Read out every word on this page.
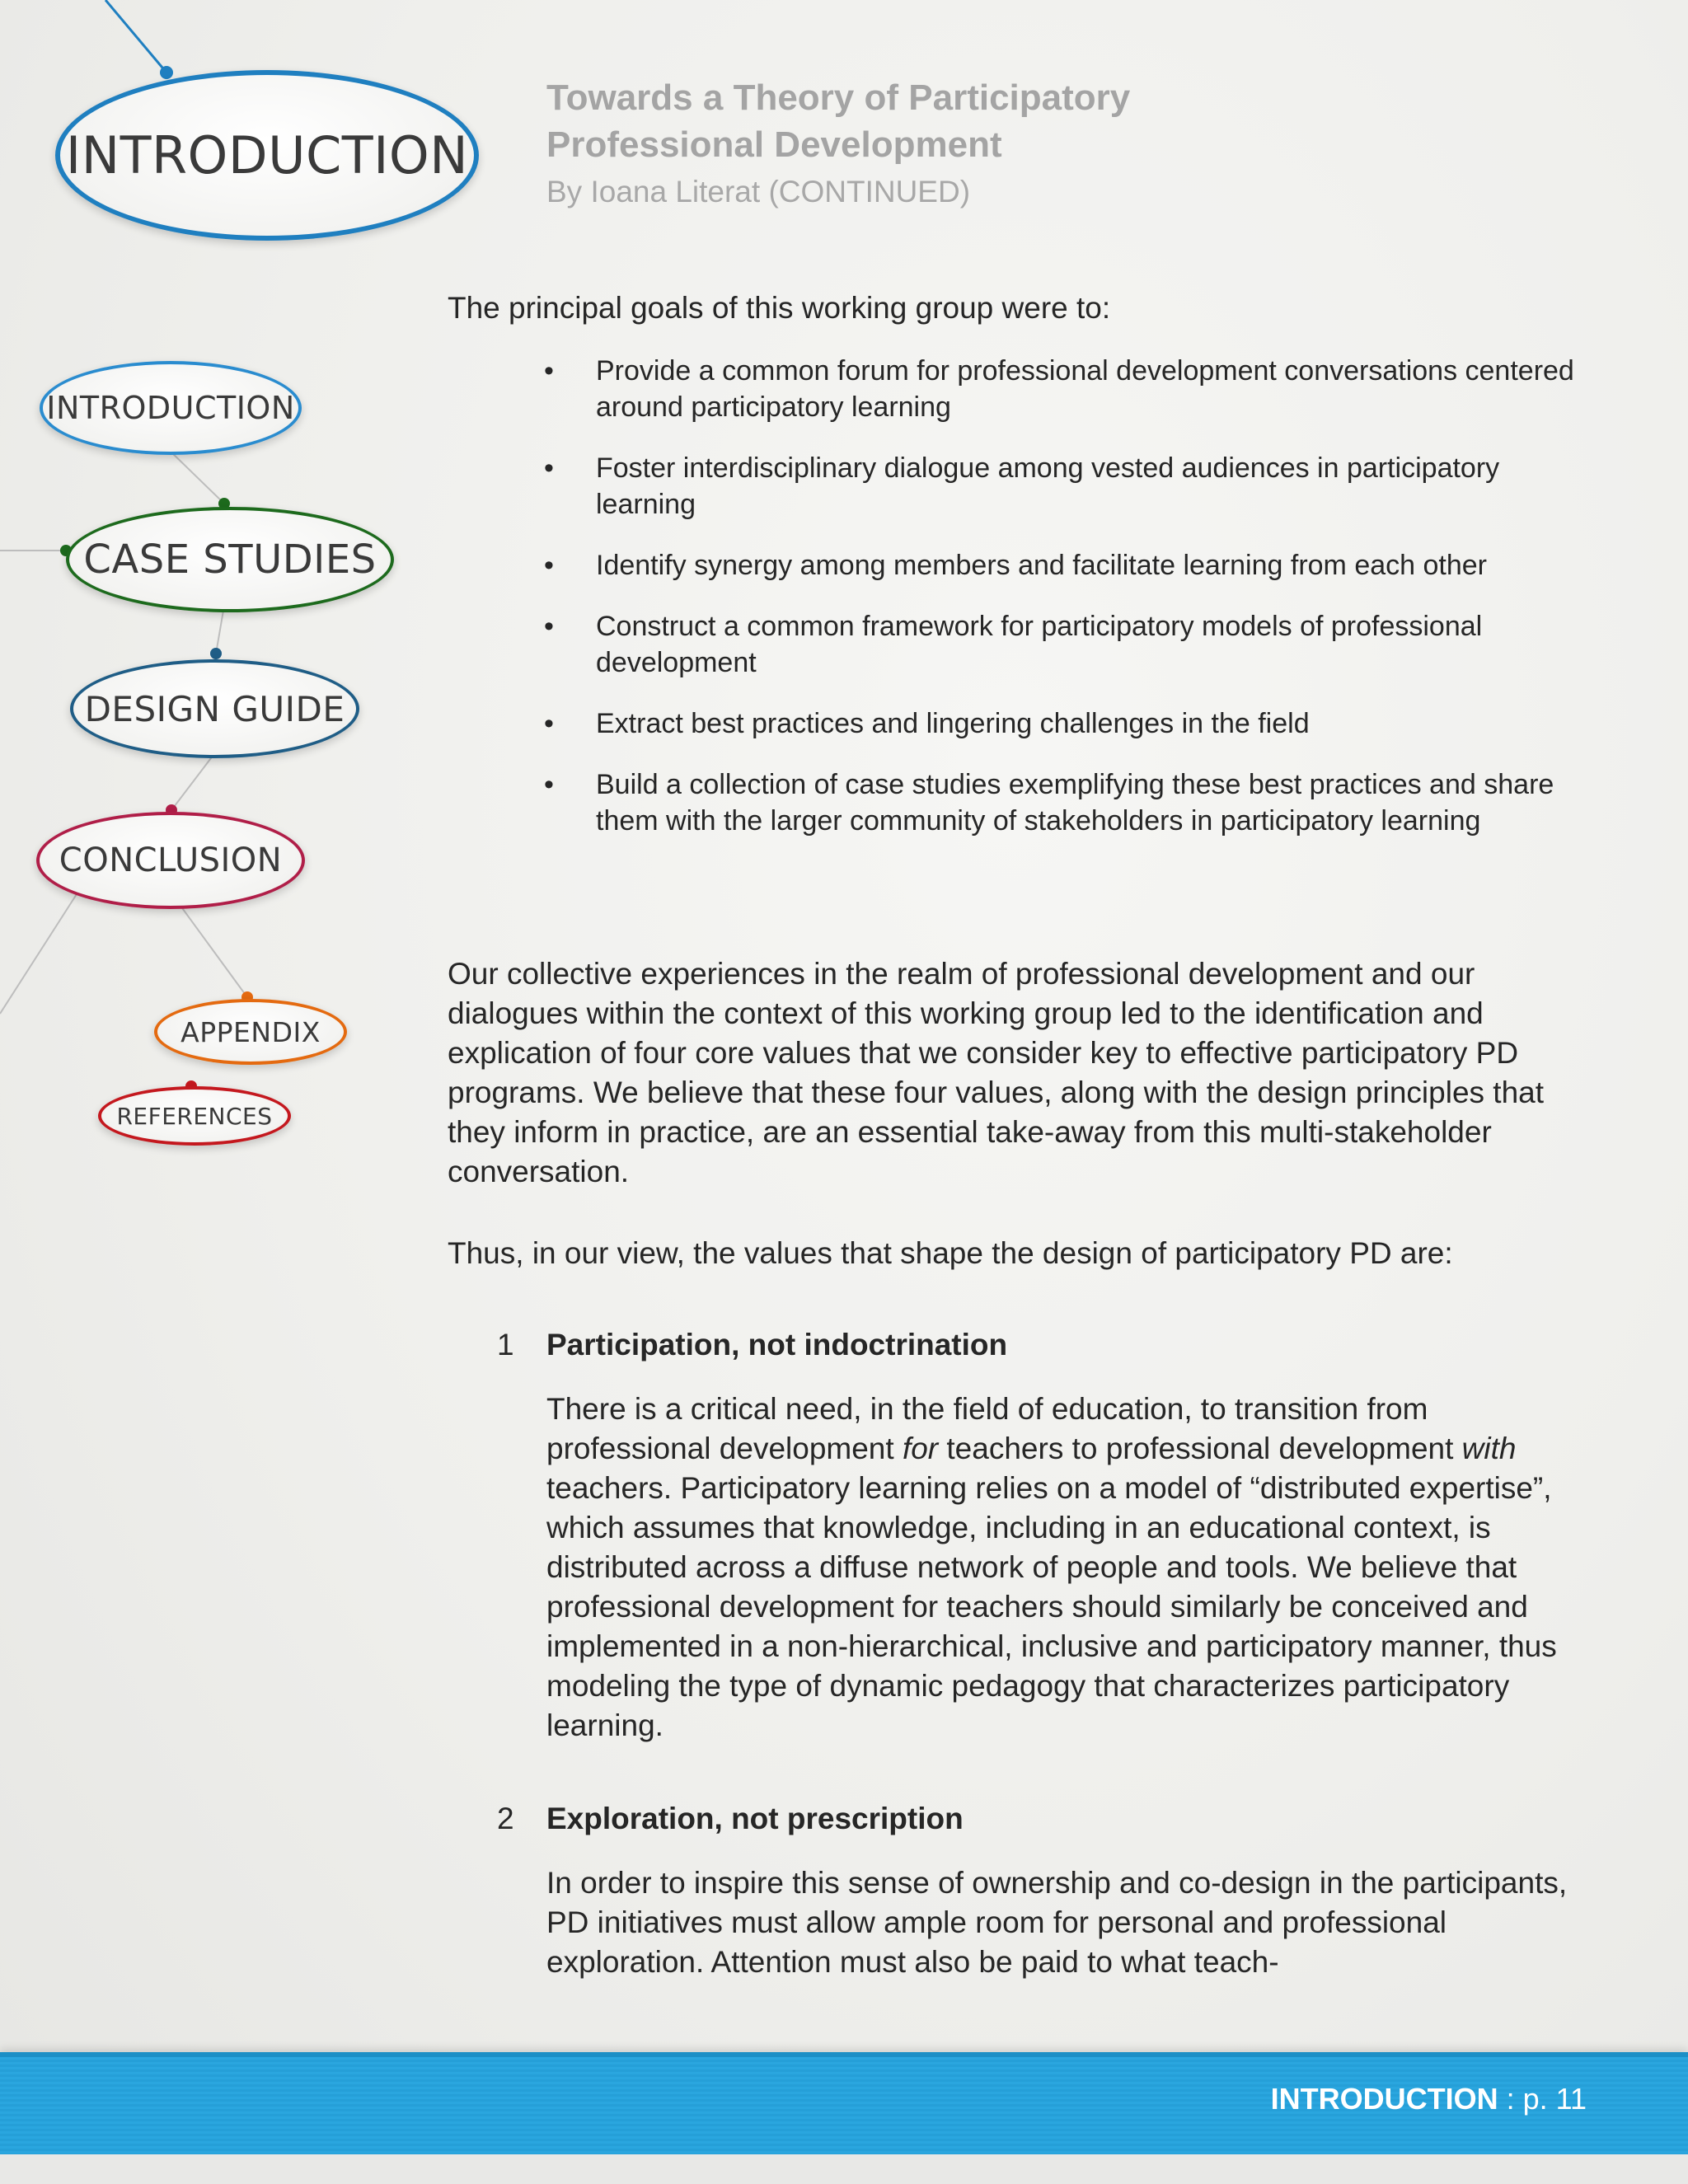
INTRODUCTION
INTRODUCTION
CASE STUDIES
DESIGN GUIDE
CONCLUSION
APPENDIX
REFERENCES
Towards a Theory of Participatory
Professional Development
By Ioana Literat (CONTINUED)

The principal goals of this working group were to:

• Provide a common forum for professional development conversations centered around participatory learning
• Foster interdisciplinary dialogue among vested audiences in participatory learning
• Identify synergy among members and facilitate learning from each other
• Construct a common framework for participatory models of professional development
• Extract best practices and lingering challenges in the field
• Build a collection of case studies exemplifying these best practices and share them with the larger community of stakeholders in participatory learning

Our collective experiences in the realm of professional development and our dialogues within the context of this working group led to the identification and explication of four core values that we consider key to effective participatory PD programs. We believe that these four values, along with the design principles that they inform in practice, are an essential take-away from this multi-stakeholder conversation.

Thus, in our view, the values that shape the design of participatory PD are:

1 Participation, not indoctrination

There is a critical need, in the field of education, to transition from professional development for teachers to professional development with teachers. Participatory learning relies on a model of “distributed expertise”, which assumes that knowledge, including in an educational context, is distributed across a diffuse network of people and tools. We believe that professional development for teachers should similarly be conceived and implemented in a non-hierarchical, inclusive and participatory manner, thus modeling the type of dynamic pedagogy that characterizes participatory learning.

2 Exploration, not prescription

In order to inspire this sense of ownership and co-design in the participants, PD initiatives must allow ample room for personal and professional exploration. Attention must also be paid to what teach-

INTRODUCTION : p. 11
